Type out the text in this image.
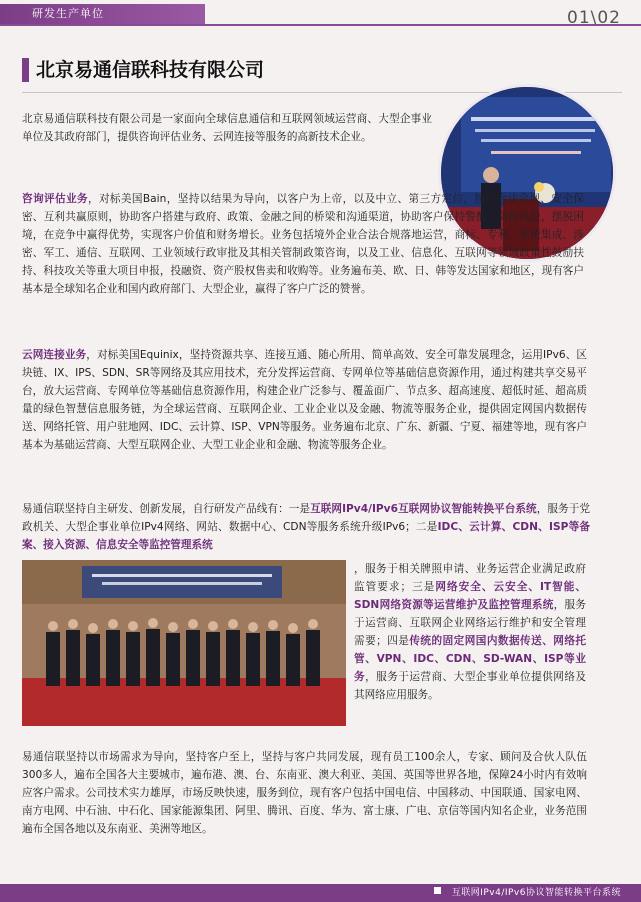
研发生产单位	01\02
北京易通信联科技有限公司

北京易通信联科技有限公司是一家面向全球信息通信和互联网领域运营商、大型企事业单位及其政府部门，提供咨询评估业务、云网连接等服务的高新技术企业。

咨询评估业务，对标美国Bain，坚持以结果为导向，以客户为上帝，以及中立、第三方定位，按照合法合规、安全保密、互利共赢原则，协助客户搭建与政府、政策、金融之间的桥梁和沟通渠道，协助客户保持警醒，防控风险，摆脱困境，在竞争中赢得优势，实现客户价值和财务增长。业务包括境外企业合法合规落地运营，商标、专利、系统集成、涉密、军工、通信、互联网、工业领域行政审批及其相关管制政策咨询，以及工业、信息化、互联网等领域政策性鼓励扶持、科技攻关等重大项目申报，投融资、资产股权售卖和收购等。业务遍布美、欧、日、韩等发达国家和地区，现有客户基本是全球知名企业和国内政府部门、大型企业，赢得了客户广泛的赞誉。

云网连接业务，对标美国Equinix，坚持资源共享、连接互通、随心所用、简单高效、安全可靠发展理念，运用IPv6、区块链、IX、IPS、SDN、SR等网络及其应用技术，充分发挥运营商、专网单位等基础信息资源作用，通过构建共享交易平台，放大运营商、专网单位等基础信息资源作用，构建企业广泛参与、覆盖面广、节点多、超高速度、超低时延、超高质量的绿色智慧信息服务链，为全球运营商、互联网企业、工业企业以及金融、物流等服务企业，提供固定网国内数据传送、网络托管、用户驻地网、IDC、云计算、ISP、VPN等服务。业务遍布北京、广东、新疆、宁夏、福建等地，现有客户基本为基础运营商、大型互联网企业、大型工业企业和金融、物流等服务企业。

易通信联坚持自主研发、创新发展，自行研发产品线有：一是互联网IPv4/IPv6互联网协议智能转换平台系统，服务于党政机关、大型企事业单位IPv4网络、网站、数据中心、CDN等服务系统升级IPv6；二是IDC、云计算、CDN、ISP等备案、接入资源、信息安全等监控管理系统

，服务于相关牌照申请、业务运营企业满足政府监管要求；三是网络安全、云安全、IT智能、SDN网络资源等运营维护及监控管理系统，服务于运营商、互联网企业网络运行维护和安全管理需要；四是传统的固定网国内数据传送、网络托管、VPN、IDC、CDN、SD-WAN、ISP等业务，服务于运营商、大型企事业单位提供网络及其网络应用服务。

易通信联坚持以市场需求为导向，坚持客户至上，坚持与客户共同发展，现有员工100余人，专家、顾问及合伙人队伍300多人，遍布全国各大主要城市，遍布港、澳、台、东南亚、澳大利亚、美国、英国等世界各地，保障24小时内有效响应客户需求。公司技术实力雄厚，市场反映快速，服务到位，现有客户包括中国电信、中国移动、中国联通、国家电网、南方电网、中石油、中石化、国家能源集团、阿里、腾讯、百度、华为、富士康、广电、京信等国内知名企业，业务范围遍布全国各地以及东南亚、美洲等地区。

互联网IPv4/IPv6协议智能转换平台系统
